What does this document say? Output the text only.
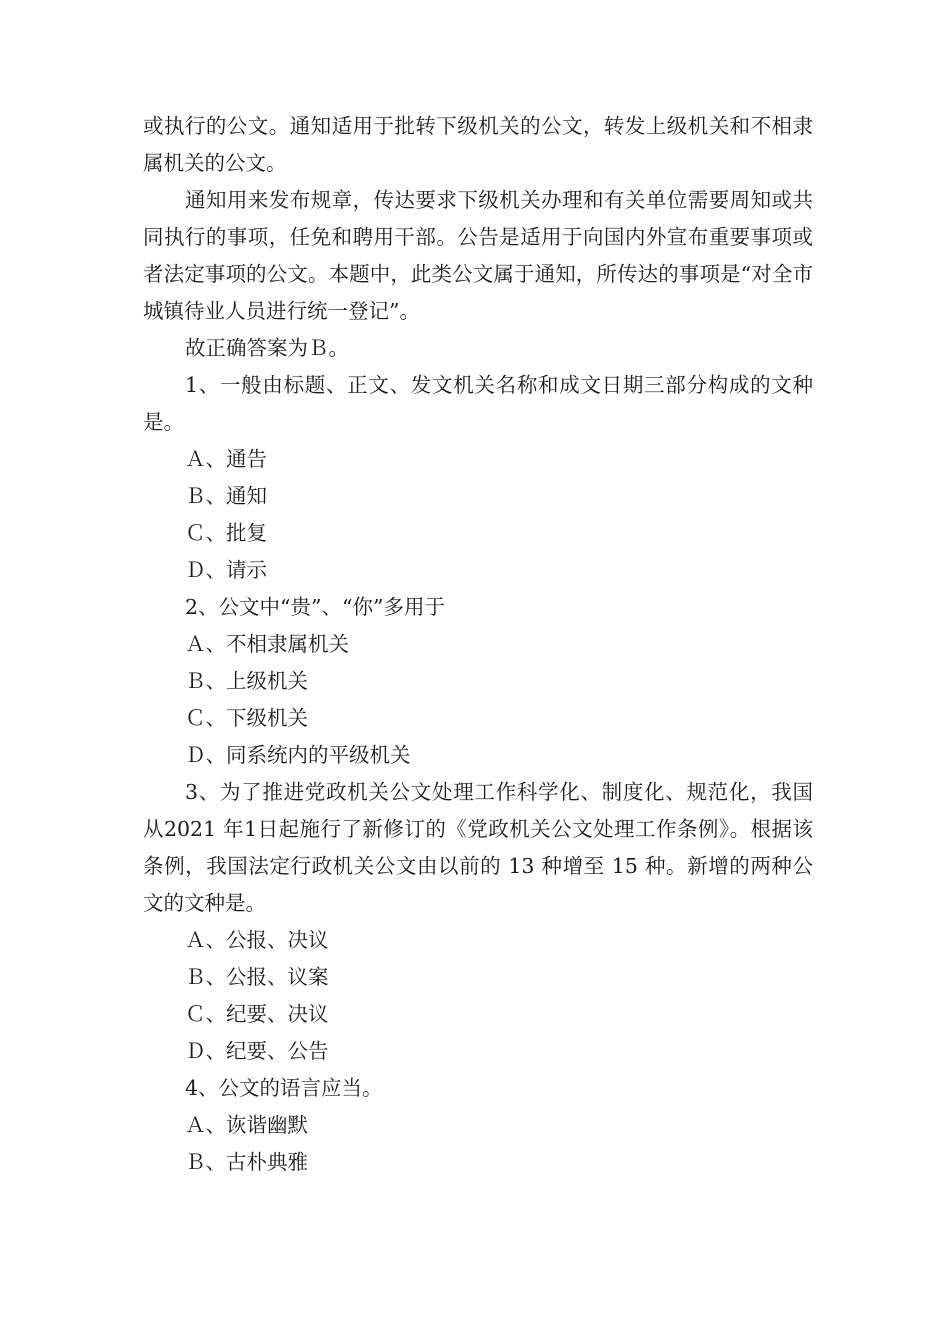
或执行的公文。通知适用于批转下级机关的公文，转发上级机关和不相隶属机关的公文。

通知用来发布规章，传达要求下级机关办理和有关单位需要周知或共同执行的事项，任免和聘用干部。公告是适用于向国内外宣布重要事项或者法定事项的公文。本题中，此类公文属于通知，所传达的事项是“对全市城镇待业人员进行统一登记”。

故正确答案为Ｂ。

1、一般由标题、正文、发文机关名称和成文日期三部分构成的文种是。

Ａ、通告

Ｂ、通知

Ｃ、批复

Ｄ、请示

2、公文中“贵”、“你”多用于

Ａ、不相隶属机关

Ｂ、上级机关

Ｃ、下级机关

Ｄ、同系统内的平级机关

3、为了推进党政机关公文处理工作科学化、制度化、规范化，我国从2021 年1日起施行了新修订的《党政机关公文处理工作条例》。根据该条例，我国法定行政机关公文由以前的 13 种增至 15 种。新增的两种公文的文种是。

Ａ、公报、决议

Ｂ、公报、议案

Ｃ、纪要、决议

Ｄ、纪要、公告

4、公文的语言应当。

Ａ、诙谐幽默

Ｂ、古朴典雅
